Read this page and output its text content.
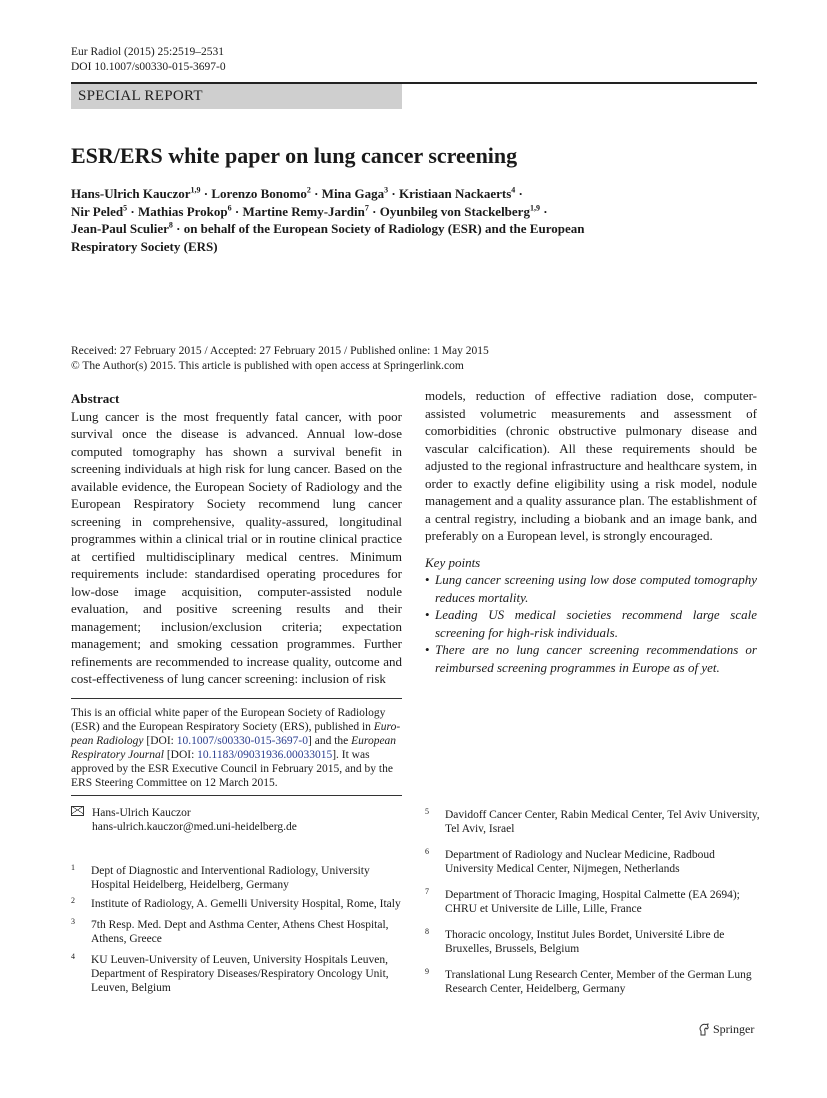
Eur Radiol (2015) 25:2519–2531
DOI 10.1007/s00330-015-3697-0
SPECIAL REPORT
ESR/ERS white paper on lung cancer screening
Hans-Ulrich Kauczor$^{1,9}$ · Lorenzo Bonomo$^2$ · Mina Gaga$^3$ · Kristiaan Nackaerts$^4$ ·
Nir Peled$^5$ · Mathias Prokop$^6$ · Martine Remy-Jardin$^7$ · Oyunbileg von Stackelberg$^{1,9}$ ·
Jean-Paul Sculier$^8$ · on behalf of the European Society of Radiology (ESR) and the European Respiratory Society (ERS)
Received: 27 February 2015 / Accepted: 27 February 2015 / Published online: 1 May 2015
© The Author(s) 2015. This article is published with open access at Springerlink.com
Abstract
Lung cancer is the most frequently fatal cancer, with poor survival once the disease is advanced. Annual low-dose computed tomography has shown a survival benefit in screening individuals at high risk for lung cancer. Based on the available evidence, the European Society of Radiology and the European Respiratory Society recommend lung cancer screening in comprehensive, quality-assured, longitudinal programmes within a clinical trial or in routine clinical practice at certified multidisciplinary medical centres. Minimum requirements include: standardised operating procedures for low-dose image acquisition, computer-assisted nodule evaluation, and positive screening results and their management; inclusion/exclusion criteria; expectation management; and smoking cessation programmes. Further refinements are recommended to increase quality, outcome and cost-effectiveness of lung cancer screening: inclusion of risk
models, reduction of effective radiation dose, computer-assisted volumetric measurements and assessment of comorbidities (chronic obstructive pulmonary disease and vascular calcification). All these requirements should be adjusted to the regional infrastructure and healthcare system, in order to exactly define eligibility using a risk model, nodule management and a quality assurance plan. The establishment of a central registry, including a biobank and an image bank, and preferably on a European level, is strongly encouraged.
Key points
• Lung cancer screening using low dose computed tomography reduces mortality.
• Leading US medical societies recommend large scale screening for high-risk individuals.
• There are no lung cancer screening recommendations or reimbursed screening programmes in Europe as of yet.
This is an official white paper of the European Society of Radiology
(ESR) and the European Respiratory Society (ERS), published in Euro-
pean Radiology [DOI: 10.1007/s00330-015-3697-0] and the European
Respiratory Journal [DOI: 10.1183/09031936.00033015]. It was
approved by the ESR Executive Council in February 2015, and by the
ERS Steering Committee on 12 March 2015.
Hans-Ulrich Kauczor
hans-ulrich.kauczor@med.uni-heidelberg.de
1 Dept of Diagnostic and Interventional Radiology, University
Hospital Heidelberg, Heidelberg, Germany
2 Institute of Radiology, A. Gemelli University Hospital, Rome, Italy
3 7th Resp. Med. Dept and Asthma Center, Athens Chest Hospital,
Athens, Greece
4 KU Leuven-University of Leuven, University Hospitals Leuven,
Department of Respiratory Diseases/Respiratory Oncology Unit,
Leuven, Belgium
5 Davidoff Cancer Center, Rabin Medical Center, Tel Aviv University,
Tel Aviv, Israel
6 Department of Radiology and Nuclear Medicine, Radboud
University Medical Center, Nijmegen, Netherlands
7 Department of Thoracic Imaging, Hospital Calmette (EA 2694);
CHRU et Universite de Lille, Lille, France
8 Thoracic oncology, Institut Jules Bordet, Université Libre de
Bruxelles, Brussels, Belgium
9 Translational Lung Research Center, Member of the German Lung
Research Center, Heidelberg, Germany
Springer
